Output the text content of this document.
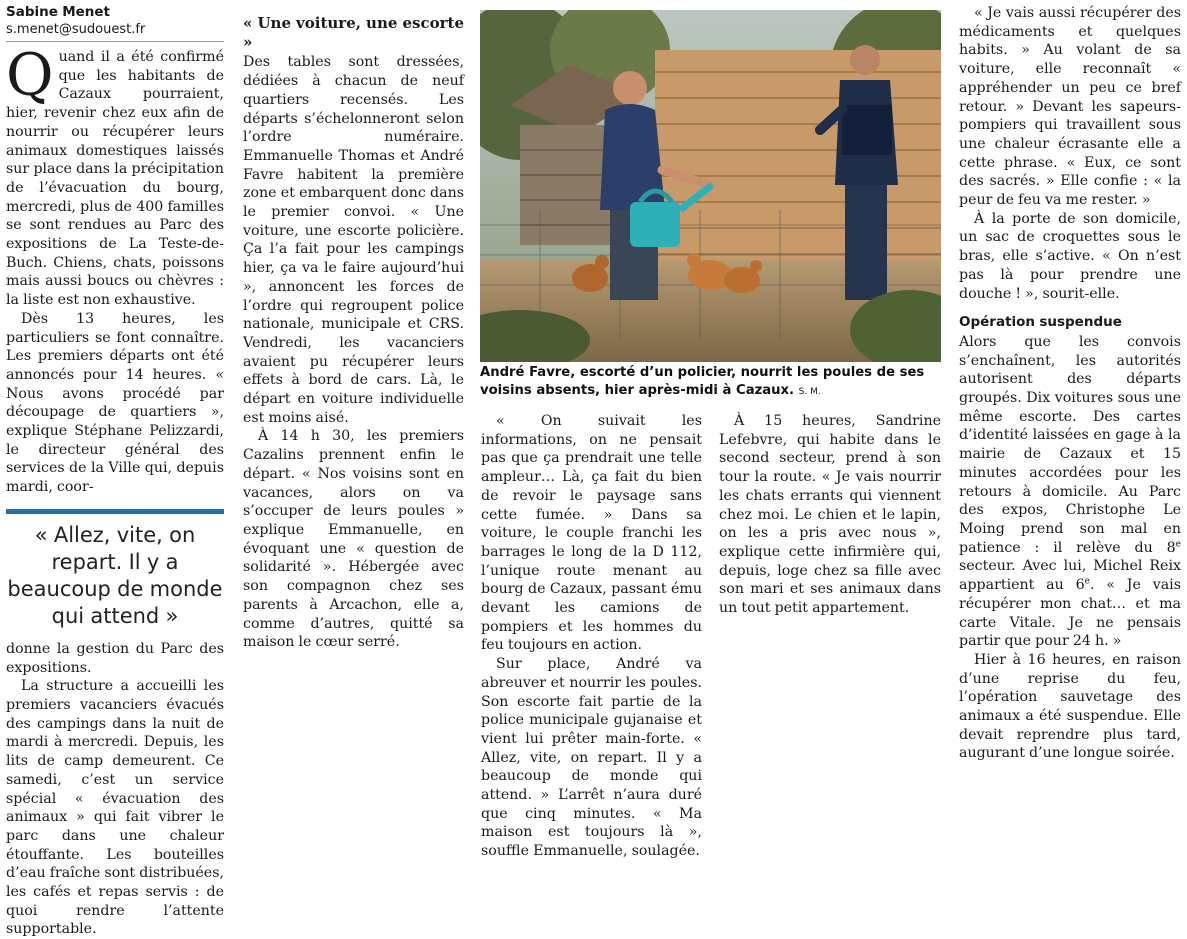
Sabine Menet
s.menet@sudouest.fr

Quand il a été confirmé que les habitants de Cazaux pourraient, hier, revenir chez eux afin de nourrir ou récupérer leurs animaux domestiques laissés sur place dans la précipitation de l’évacuation du bourg, mercredi, plus de 400 familles se sont rendues au Parc des expositions de La Teste-de-Buch. Chiens, chats, poissons mais aussi boucs ou chèvres : la liste est non exhaustive.

Dès 13 heures, les particuliers se font connaître. Les premiers départs ont été annoncés pour 14 heures. « Nous avons procédé par découpage de quartiers », explique Stéphane Pelizzardi, le directeur général des services de la Ville qui, depuis mardi, coor-

« Allez, vite, on repart. Il y a beaucoup de monde qui attend »

donne la gestion du Parc des expositions.

La structure a accueilli les premiers vacanciers évacués des campings dans la nuit de mardi à mercredi. Depuis, les lits de camp demeurent. Ce samedi, c’est un service spécial « évacuation des animaux » qui fait vibrer le parc dans une chaleur étouffante. Les bouteilles d’eau fraîche sont distribuées, les cafés et repas servis : de quoi rendre l’attente supportable.

« Une voiture, une escorte »

Des tables sont dressées, dédiées à chacun de neuf quartiers recensés. Les départs s’échelonneront selon l’ordre numéraire. Emmanuelle Thomas et André Favre habitent la première zone et embarquent donc dans le premier convoi. « Une voiture, une escorte policière. Ça l’a fait pour les campings hier, ça va le faire aujourd’hui », annoncent les forces de l’ordre qui regroupent police nationale, municipale et CRS. Vendredi, les vacanciers avaient pu récupérer leurs effets à bord de cars. Là, le départ en voiture individuelle est moins aisé.

À 14 h 30, les premiers Cazalins prennent enfin le départ. « Nos voisins sont en vacances, alors on va s’occuper de leurs poules » explique Emmanuelle, en évoquant une « question de solidarité ». Hébergée avec son compagnon chez ses parents à Arcachon, elle a, comme d’autres, quitté sa maison le cœur serré.

André Favre, escorté d’un policier, nourrit les poules de ses voisins absents, hier après-midi à Cazaux. S. M.

« On suivait les informations, on ne pensait pas que ça prendrait une telle ampleur… Là, ça fait du bien de revoir le paysage sans cette fumée. » Dans sa voiture, le couple franchi les barrages le long de la D 112, l’unique route menant au bourg de Cazaux, passant ému devant les camions de pompiers et les hommes du feu toujours en action.

Sur place, André va abreuver et nourrir les poules. Son escorte fait partie de la police municipale gujanaise et vient lui prêter main-forte. « Allez, vite, on repart. Il y a beaucoup de monde qui attend. » L’arrêt n’aura duré que cinq minutes. « Ma maison est toujours là », souffle Emmanuelle, soulagée.

À 15 heures, Sandrine Lefebvre, qui habite dans le second secteur, prend à son tour la route. « Je vais nourrir les chats errants qui viennent chez moi. Le chien et le lapin, on les a pris avec nous », explique cette infirmière qui, depuis, loge chez sa fille avec son mari et ses animaux dans un tout petit appartement.

« Je vais aussi récupérer des médicaments et quelques habits. » Au volant de sa voiture, elle reconnaît « appréhender un peu ce bref retour. » Devant les sapeurs-pompiers qui travaillent sous une chaleur écrasante elle a cette phrase. « Eux, ce sont des sacrés. » Elle confie : « la peur de feu va me rester. »

À la porte de son domicile, un sac de croquettes sous le bras, elle s’active. « On n’est pas là pour prendre une douche ! », sourit-elle.

Opération suspendue

Alors que les convois s’enchaînent, les autorités autorisent des départs groupés. Dix voitures sous une même escorte. Des cartes d’identité laissées en gage à la mairie de Cazaux et 15 minutes accordées pour les retours à domicile. Au Parc des expos, Christophe Le Moing prend son mal en patience : il relève du 8e secteur. Avec lui, Michel Reix appartient au 6e. « Je vais récupérer mon chat… et ma carte Vitale. Je ne pensais partir que pour 24 h. »

Hier à 16 heures, en raison d’une reprise du feu, l’opération sauvetage des animaux a été suspendue. Elle devait reprendre plus tard, augurant d’une longue soirée.
